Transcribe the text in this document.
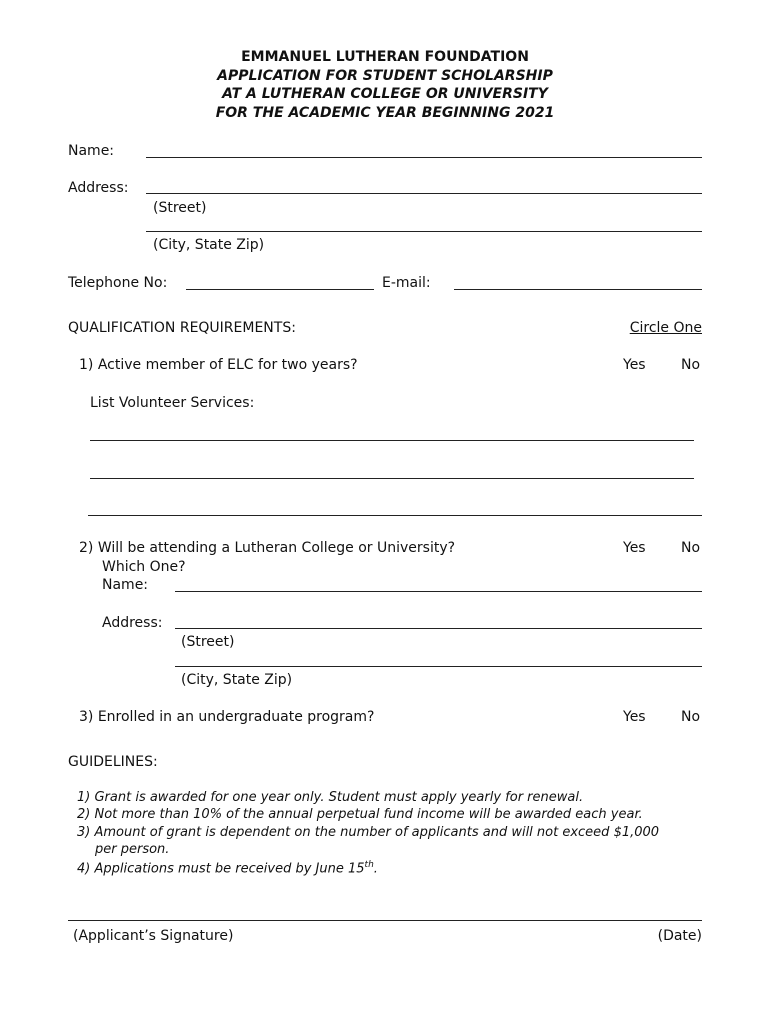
EMMANUEL LUTHERAN FOUNDATION
APPLICATION FOR STUDENT SCHOLARSHIP
AT A LUTHERAN COLLEGE OR UNIVERSITY
FOR THE ACADEMIC YEAR BEGINNING 2021
Name:
Address:
(Street)
(City, State Zip)
Telephone No:	E-mail:
QUALIFICATION REQUIREMENTS:	Circle One
1) Active member of ELC for two years?	Yes	No
List Volunteer Services:
2) Will be attending a Lutheran College or University?	Yes	No
Which One?
Name:
Address:
(Street)
(City, State Zip)
3) Enrolled in an undergraduate program?	Yes	No
GUIDELINES:
1) Grant is awarded for one year only. Student must apply yearly for renewal.
2) Not more than 10% of the annual perpetual fund income will be awarded each year.
3) Amount of grant is dependent on the number of applicants and will not exceed $1,000
per person.
4) Applications must be received by June 15th.
(Applicant’s Signature)	(Date)
